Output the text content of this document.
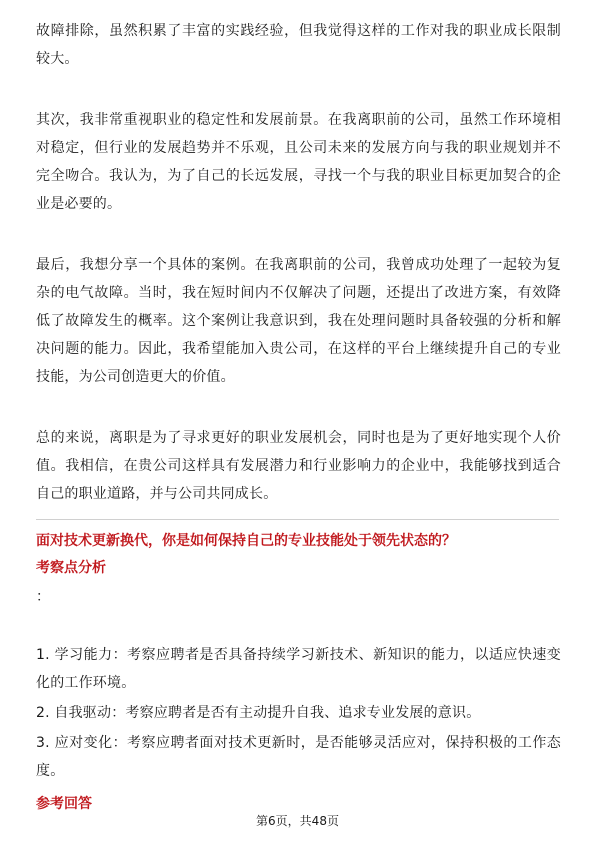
故障排除，虽然积累了丰富的实践经验，但我觉得这样的工作对我的职业成长限制较大。

其次，我非常重视职业的稳定性和发展前景。在我离职前的公司，虽然工作环境相对稳定，但行业的发展趋势并不乐观，且公司未来的发展方向与我的职业规划并不完全吻合。我认为，为了自己的长远发展，寻找一个与我的职业目标更加契合的企业是必要的。

最后，我想分享一个具体的案例。在我离职前的公司，我曾成功处理了一起较为复杂的电气故障。当时，我在短时间内不仅解决了问题，还提出了改进方案，有效降低了故障发生的概率。这个案例让我意识到，我在处理问题时具备较强的分析和解决问题的能力。因此，我希望能加入贵公司，在这样的平台上继续提升自己的专业技能，为公司创造更大的价值。

总的来说，离职是为了寻求更好的职业发展机会，同时也是为了更好地实现个人价值。我相信，在贵公司这样具有发展潜力和行业影响力的企业中，我能够找到适合自己的职业道路，并与公司共同成长。

面对技术更新换代，你是如何保持自己的专业技能处于领先状态的？

考察点分析

：

1. 学习能力：考察应聘者是否具备持续学习新技术、新知识的能力，以适应快速变化的工作环境。

2. 自我驱动：考察应聘者是否有主动提升自我、追求专业发展的意识。

3. 应对变化：考察应聘者面对技术更新时，是否能够灵活应对，保持积极的工作态度。

参考回答

第6页，共48页
